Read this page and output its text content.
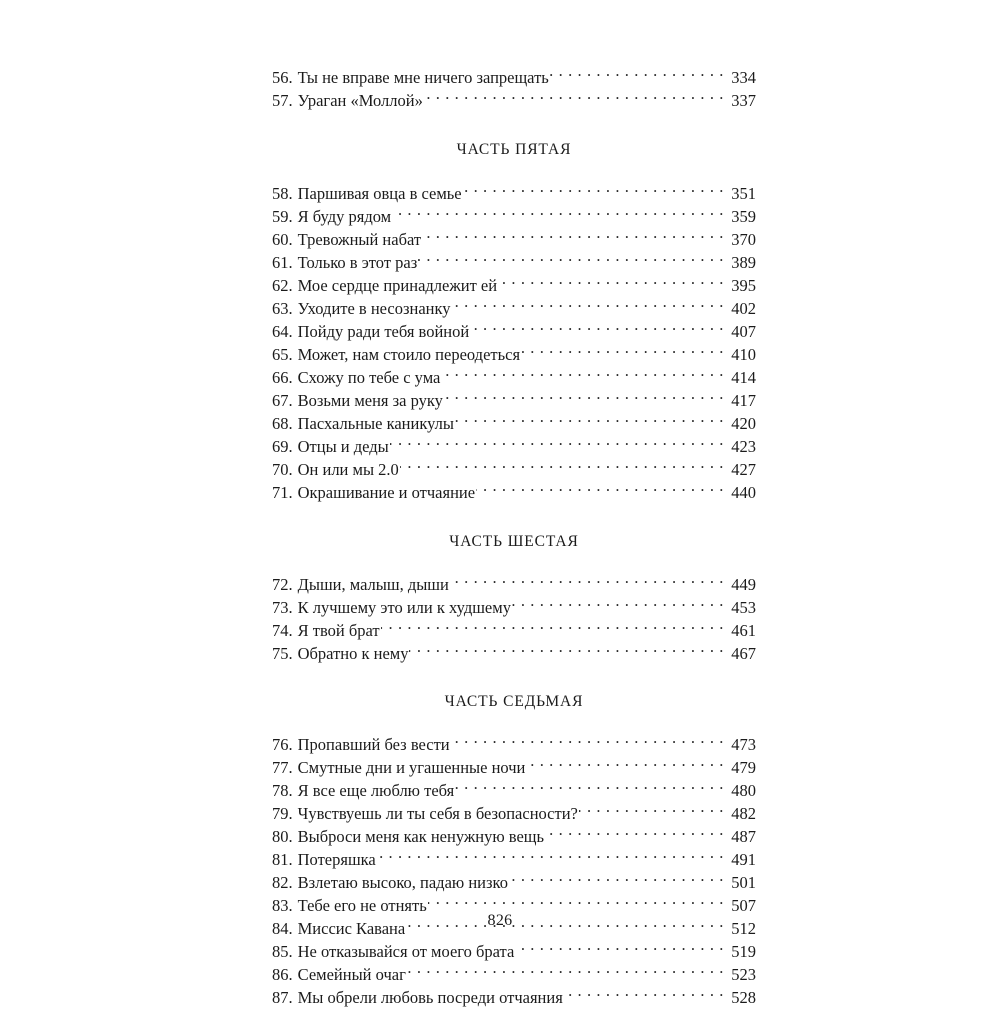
56. Ты не вправе мне ничего запрещать . . .	334
57. Ураган «Моллой» . . .	337
ЧАСТЬ ПЯТАЯ
58. Паршивая овца в семье . . .	351
59. Я буду рядом . . .	359
60. Тревожный набат . . .	370
61. Только в этот раз . . .	389
62. Мое сердце принадлежит ей . . .	395
63. Уходите в несознанку . . .	402
64. Пойду ради тебя войной . . .	407
65. Может, нам стоило переодеться . . .	410
66. Схожу по тебе с ума . . .	414
67. Возьми меня за руку . . .	417
68. Пасхальные каникулы . . .	420
69. Отцы и деды . . .	423
70. Он или мы 2.0 . . .	427
71. Окрашивание и отчаяние . . .	440
ЧАСТЬ ШЕСТАЯ
72. Дыши, малыш, дыши . . .	449
73. К лучшему это или к худшему . . .	453
74. Я твой брат . . .	461
75. Обратно к нему . . .	467
ЧАСТЬ СЕДЬМАЯ
76. Пропавший без вести . . .	473
77. Смутные дни и угашенные ночи . . .	479
78. Я все еще люблю тебя . . .	480
79. Чувствуешь ли ты себя в безопасности? . . .	482
80. Выброси меня как ненужную вещь . . .	487
81. Потеряшка . . .	491
82. Взлетаю высоко, падаю низко . . .	501
83. Тебе его не отнять . . .	507
84. Миссис Кавана . . .	512
85. Не отказывайся от моего брата . . .	519
86. Семейный очаг . . .	523
87. Мы обрели любовь посреди отчаяния . . .	528
826
